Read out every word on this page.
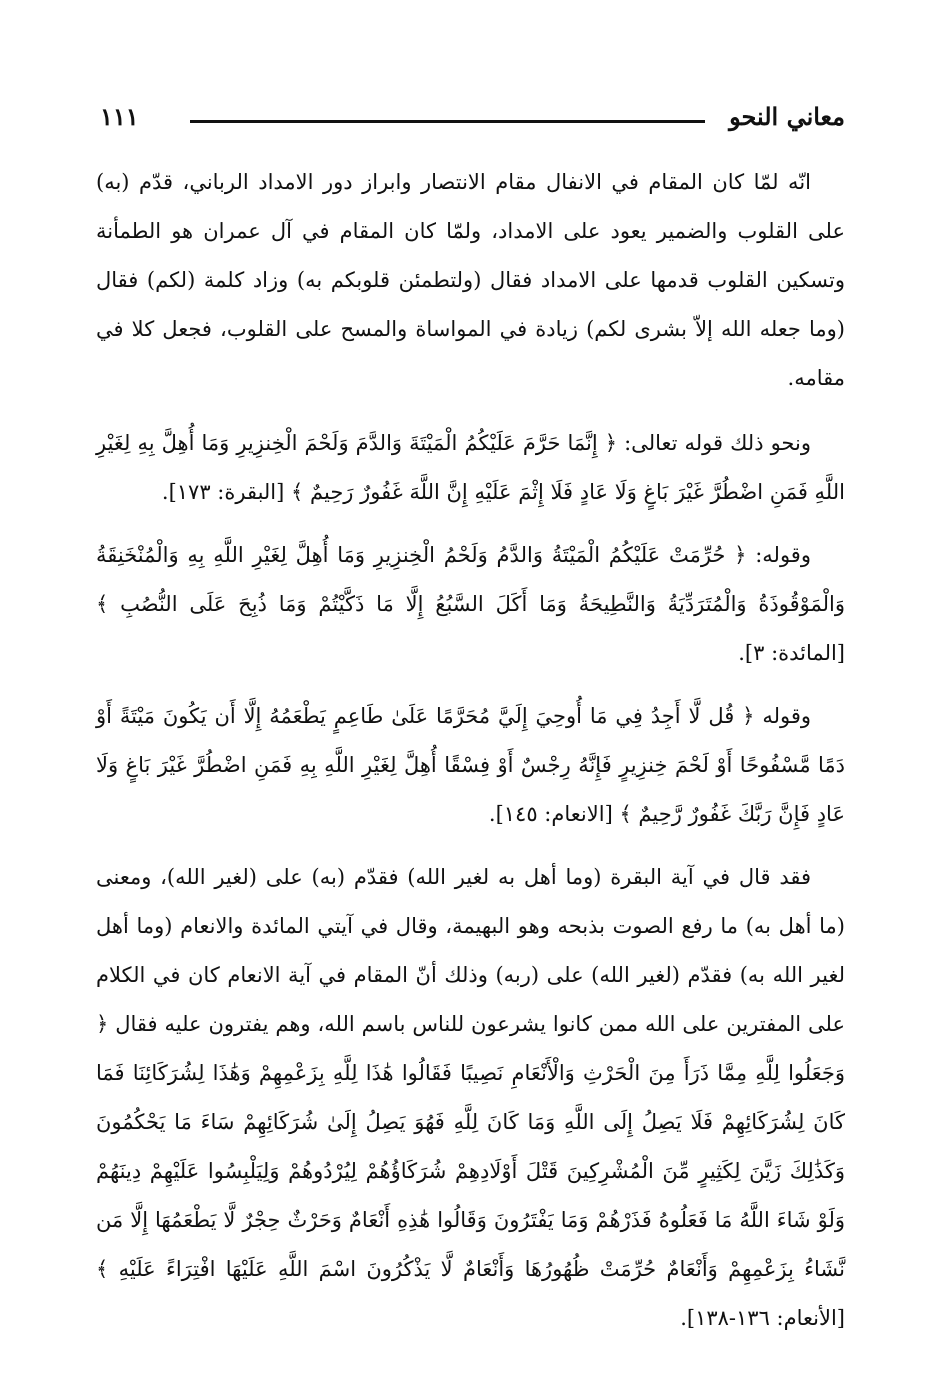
معاني النحو
١١١

انّه لمّا كان المقام في الانفال مقام الانتصار وابراز دور الامداد الرباني، قدّم (به) على القلوب والضمير يعود على الامداد، ولمّا كان المقام في آل عمران هو الطمأنة وتسكين القلوب قدمها على الامداد فقال (ولتطمئن قلوبكم به) وزاد كلمة (لكم) فقال (وما جعله الله إلاّ بشرى لكم) زيادة في المواساة والمسح على القلوب، فجعل كلا في مقامه.

ونحو ذلك قوله تعالى: ﴿ إِنَّمَا حَرَّمَ عَلَيْكُمُ الْمَيْتَةَ وَالدَّمَ وَلَحْمَ الْخِنزِيرِ وَمَا أُهِلَّ بِهِ لِغَيْرِ اللَّهِ فَمَنِ اضْطُرَّ غَيْرَ بَاغٍ وَلَا عَادٍ فَلَا إِثْمَ عَلَيْهِ إِنَّ اللَّهَ غَفُورٌ رَحِيمٌ ﴾ [البقرة: ١٧٣].

وقوله: ﴿ حُرِّمَتْ عَلَيْكُمُ الْمَيْتَةُ وَالدَّمُ وَلَحْمُ الْخِنزِيرِ وَمَا أُهِلَّ لِغَيْرِ اللَّهِ بِهِ وَالْمُنْخَنِقَةُ وَالْمَوْقُوذَةُ وَالْمُتَرَدِّيَةُ وَالنَّطِيحَةُ وَمَا أَكَلَ السَّبُعُ إِلَّا مَا ذَكَّيْتُمْ وَمَا ذُبِحَ عَلَى النُّصُبِ ﴾ [المائدة: ٣].

وقوله ﴿ قُل لَّا أَجِدُ فِي مَا أُوحِيَ إِلَيَّ مُحَرَّمًا عَلَىٰ طَاعِمٍ يَطْعَمُهُ إِلَّا أَن يَكُونَ مَيْتَةً أَوْ دَمًا مَّسْفُوحًا أَوْ لَحْمَ خِنزِيرٍ فَإِنَّهُ رِجْسٌ أَوْ فِسْقًا أُهِلَّ لِغَيْرِ اللَّهِ بِهِ فَمَنِ اضْطُرَّ غَيْرَ بَاغٍ وَلَا عَادٍ فَإِنَّ رَبَّكَ غَفُورٌ رَّحِيمٌ ﴾ [الانعام: ١٤٥].

فقد قال في آية البقرة (وما أهل به لغير الله) فقدّم (به) على (لغير الله)، ومعنى (ما أهل به) ما رفع الصوت بذبحه وهو البهيمة، وقال في آيتي المائدة والانعام (وما أهل لغير الله به) فقدّم (لغير الله) على (ربه) وذلك أنّ المقام في آية الانعام كان في الكلام على المفترين على الله ممن كانوا يشرعون للناس باسم الله، وهم يفترون عليه فقال ﴿ وَجَعَلُوا لِلَّهِ مِمَّا ذَرَأَ مِنَ الْحَرْثِ وَالْأَنْعَامِ نَصِيبًا فَقَالُوا هَٰذَا لِلَّهِ بِزَعْمِهِمْ وَهَٰذَا لِشُرَكَائِنَا فَمَا كَانَ لِشُرَكَائِهِمْ فَلَا يَصِلُ إِلَى اللَّهِ وَمَا كَانَ لِلَّهِ فَهُوَ يَصِلُ إِلَىٰ شُرَكَائِهِمْ سَاءَ مَا يَحْكُمُونَ وَكَذَٰلِكَ زَيَّنَ لِكَثِيرٍ مِّنَ الْمُشْرِكِينَ قَتْلَ أَوْلَادِهِمْ شُرَكَاؤُهُمْ لِيُرْدُوهُمْ وَلِيَلْبِسُوا عَلَيْهِمْ دِينَهُمْ وَلَوْ شَاءَ اللَّهُ مَا فَعَلُوهُ فَذَرْهُمْ وَمَا يَفْتَرُونَ وَقَالُوا هَٰذِهِ أَنْعَامٌ وَحَرْثٌ حِجْرٌ لَّا يَطْعَمُهَا إِلَّا مَن نَّشَاءُ بِزَعْمِهِمْ وَأَنْعَامٌ حُرِّمَتْ ظُهُورُهَا وَأَنْعَامٌ لَّا يَذْكُرُونَ اسْمَ اللَّهِ عَلَيْهَا افْتِرَاءً عَلَيْهِ ﴾ [الأنعام: ١٣٦-١٣٨].
